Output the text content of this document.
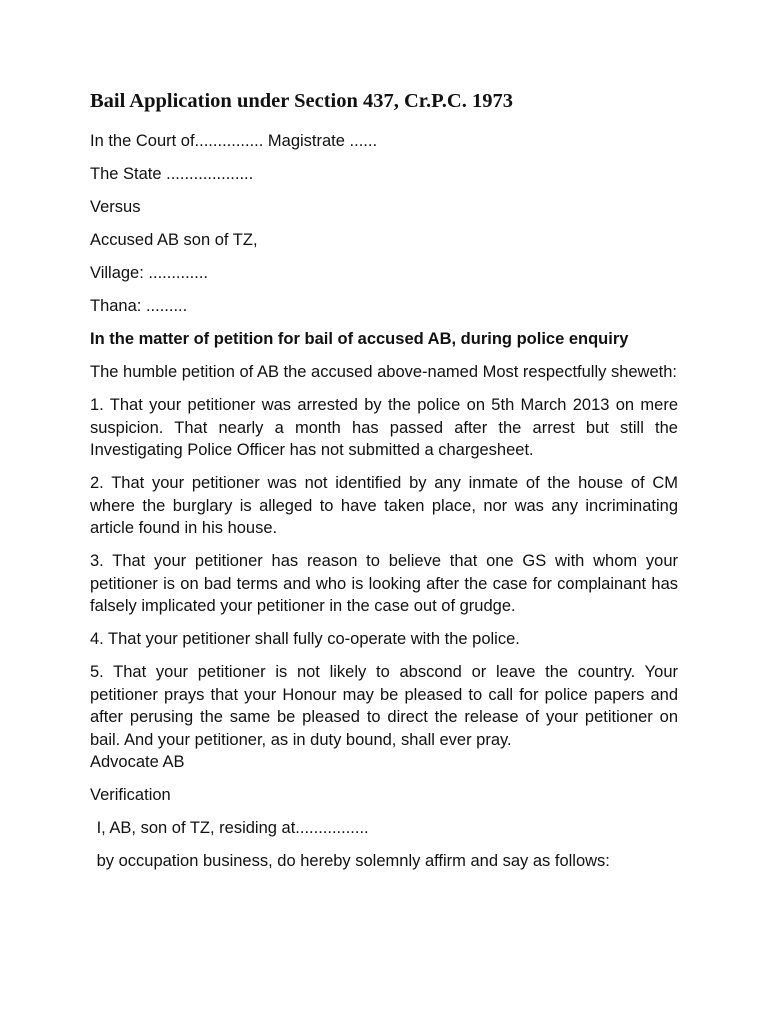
Bail Application under Section 437, Cr.P.C. 1973

In the Court of............... Magistrate ......

The State ...................

Versus

Accused AB son of TZ,

Village: .............

Thana: .........

In the matter of petition for bail of accused AB, during police enquiry

The humble petition of AB the accused above-named Most respectfully sheweth:

1. That your petitioner was arrested by the police on 5th March 2013 on mere suspicion. That nearly a month has passed after the arrest but still the Investigating Police Officer has not submitted a chargesheet.

2. That your petitioner was not identified by any inmate of the house of CM where the burglary is alleged to have taken place, nor was any incriminating article found in his house.

3. That your petitioner has reason to believe that one GS with whom your petitioner is on bad terms and who is looking after the case for complainant has falsely implicated your petitioner in the case out of grudge.

4. That your petitioner shall fully co-operate with the police.

5. That your petitioner is not likely to abscond or leave the country. Your petitioner prays that your Honour may be pleased to call for police papers and after perusing the same be pleased to direct the release of your petitioner on bail. And your petitioner, as in duty bound, shall ever pray.
Advocate AB

Verification

I, AB, son of TZ, residing at................

by occupation business, do hereby solemnly affirm and say as follows:
